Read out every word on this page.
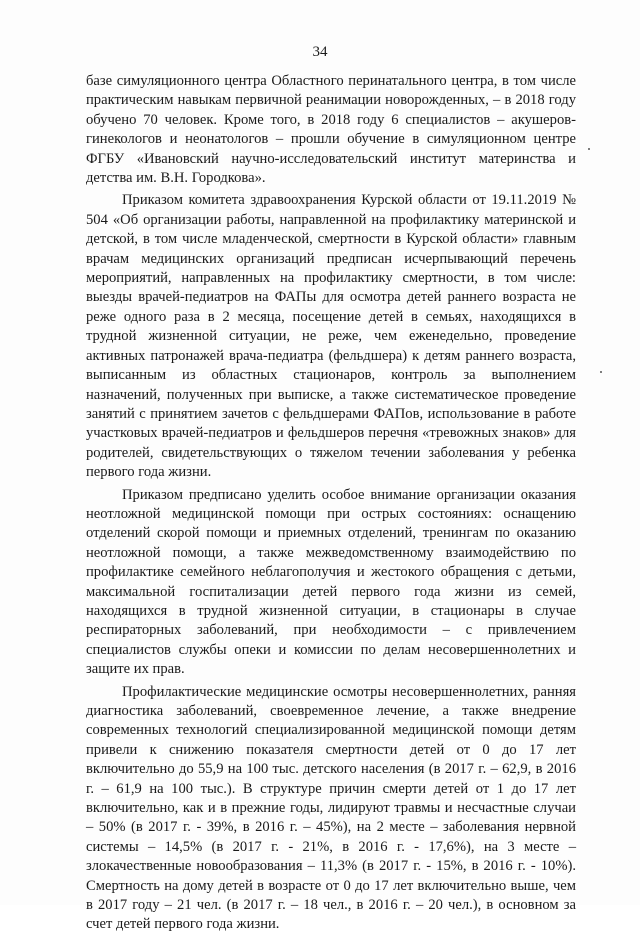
34

базе симуляционного центра Областного перинатального центра, в том числе практическим навыкам первичной реанимации новорожденных, – в 2018 году обучено 70 человек. Кроме того, в 2018 году 6 специалистов – акушеров-гинекологов и неонатологов – прошли обучение в симуляционном центре ФГБУ «Ивановский научно-исследовательский институт материнства и детства им. В.Н. Городкова».

Приказом комитета здравоохранения Курской области от 19.11.2019 № 504 «Об организации работы, направленной на профилактику материнской и детской, в том числе младенческой, смертности в Курской области» главным врачам медицинских организаций предписан исчерпывающий перечень мероприятий, направленных на профилактику смертности, в том числе: выезды врачей-педиатров на ФАПы для осмотра детей раннего возраста не реже одного раза в 2 месяца, посещение детей в семьях, находящихся в трудной жизненной ситуации, не реже, чем еженедельно, проведение активных патронажей врача-педиатра (фельдшера) к детям раннего возраста, выписанным из областных стационаров, контроль за выполнением назначений, полученных при выписке, а также систематическое проведение занятий с принятием зачетов с фельдшерами ФАПов, использование в работе участковых врачей-педиатров и фельдшеров перечня «тревожных знаков» для родителей, свидетельствующих о тяжелом течении заболевания у ребенка первого года жизни.

Приказом предписано уделить особое внимание организации оказания неотложной медицинской помощи при острых состояниях: оснащению отделений скорой помощи и приемных отделений, тренингам по оказанию неотложной помощи, а также межведомственному взаимодействию по профилактике семейного неблагополучия и жестокого обращения с детьми, максимальной госпитализации детей первого года жизни из семей, находящихся в трудной жизненной ситуации, в стационары в случае респираторных заболеваний, при необходимости – с привлечением специалистов службы опеки и комиссии по делам несовершеннолетних и защите их прав.

Профилактические медицинские осмотры несовершеннолетних, ранняя диагностика заболеваний, своевременное лечение, а также внедрение современных технологий специализированной медицинской помощи детям привели к снижению показателя смертности детей от 0 до 17 лет включительно до 55,9 на 100 тыс. детского населения (в 2017 г. – 62,9, в 2016 г. – 61,9 на 100 тыс.). В структуре причин смерти детей от 1 до 17 лет включительно, как и в прежние годы, лидируют травмы и несчастные случаи – 50% (в 2017 г. - 39%, в 2016 г. – 45%), на 2 месте – заболевания нервной системы – 14,5% (в 2017 г. - 21%, в 2016 г. - 17,6%), на 3 месте – злокачественные новообразования – 11,3% (в 2017 г. - 15%, в 2016 г. - 10%). Смертность на дому детей в возрасте от 0 до 17 лет включительно выше, чем в 2017 году – 21 чел. (в 2017 г. – 18 чел., в 2016 г. – 20 чел.), в основном за счет детей первого года жизни.
